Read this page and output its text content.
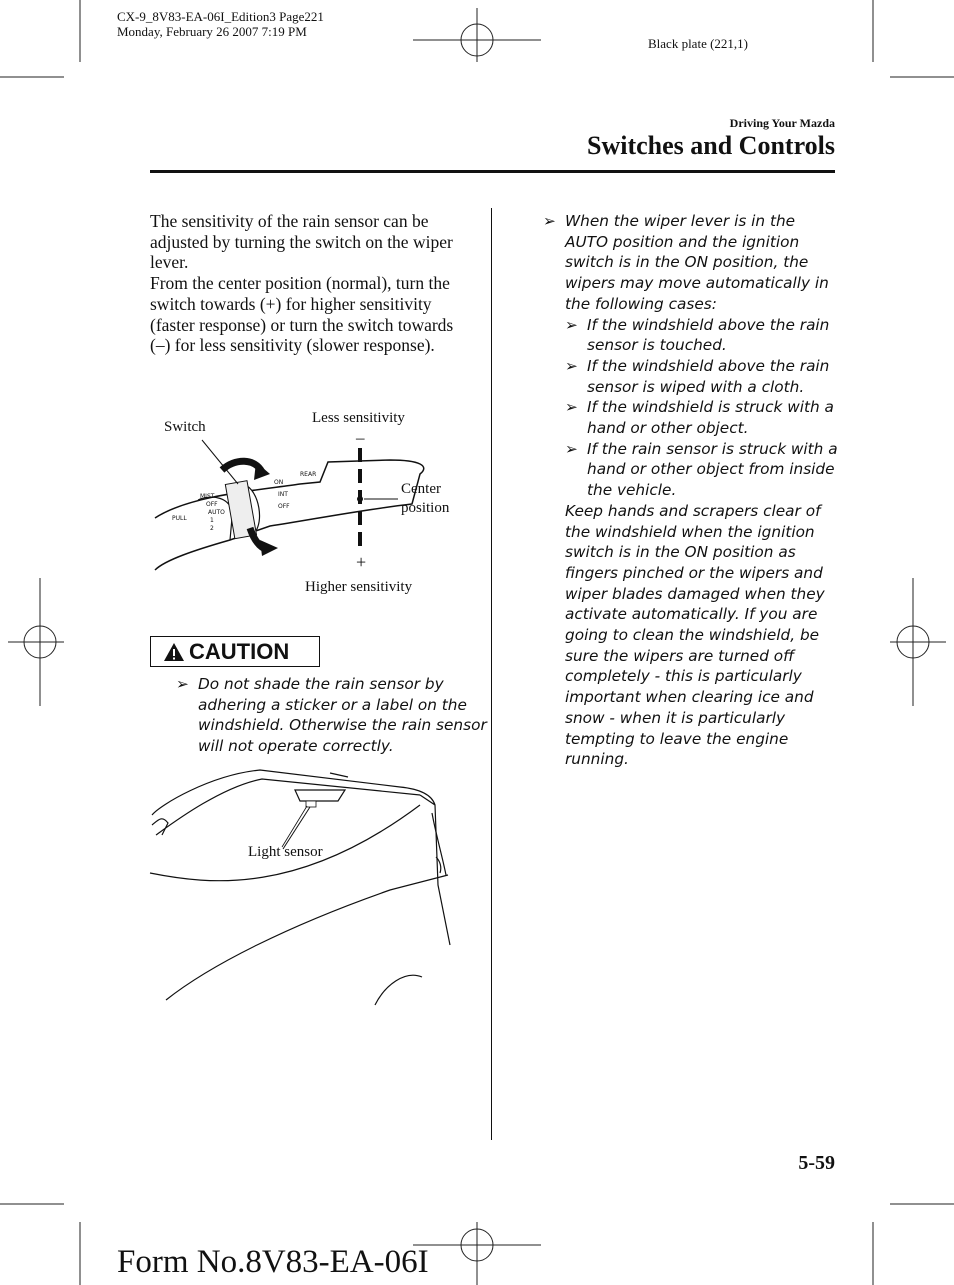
CX-9_8V83-EA-06I_Edition3 Page221
Monday, February 26 2007 7:19 PM
Black plate (221,1)
Driving Your Mazda
Switches and Controls
The sensitivity of the rain sensor can be adjusted by turning the switch on the wiper lever.
From the center position (normal), turn the switch towards (+) for higher sensitivity (faster response) or turn the switch towards (–) for less sensitivity (slower response).
Switch
Less sensitivity
–
Center
position
+
Higher sensitivity
MIST
OFF
AUTO
1
2
ON
INT
OFF
REAR
PULL
CAUTION
➢ Do not shade the rain sensor by adhering a sticker or a label on the windshield. Otherwise the rain sensor will not operate correctly.
Light sensor
➢ When the wiper lever is in the AUTO position and the ignition switch is in the ON position, the wipers may move automatically in the following cases:
➢ If the windshield above the rain sensor is touched.
➢ If the windshield above the rain sensor is wiped with a cloth.
➢ If the windshield is struck with a hand or other object.
➢ If the rain sensor is struck with a hand or other object from inside the vehicle.
Keep hands and scrapers clear of the windshield when the ignition switch is in the ON position as fingers pinched or the wipers and wiper blades damaged when they activate automatically. If you are going to clean the windshield, be sure the wipers are turned off completely - this is particularly important when clearing ice and snow - when it is particularly tempting to leave the engine running.
5-59
Form No.8V83-EA-06I
